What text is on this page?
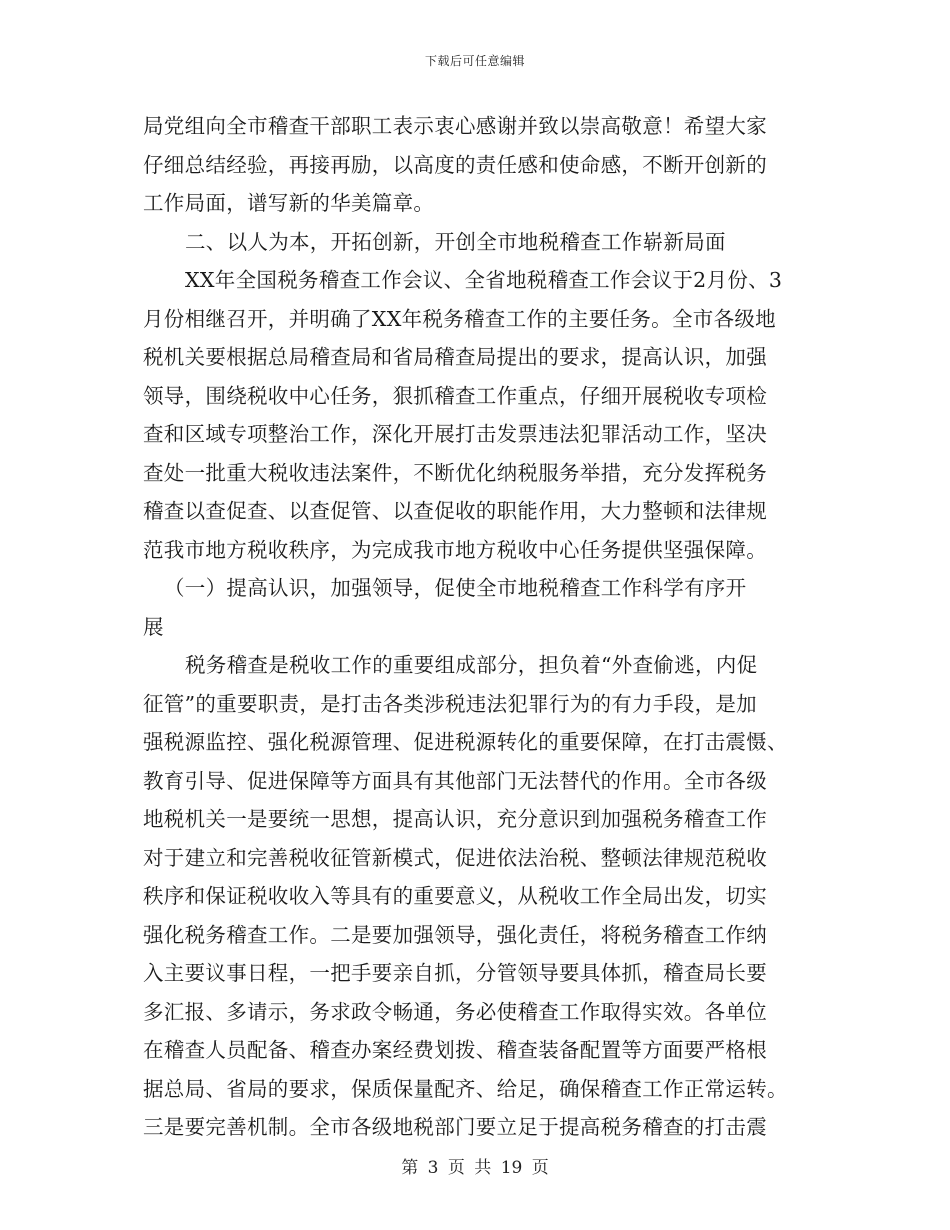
下载后可任意编辑
局党组向全市稽查干部职工表示衷心感谢并致以崇高敬意！希望大家
仔细总结经验，再接再励，以高度的责任感和使命感，不断开创新的
工作局面，谱写新的华美篇章。
二、以人为本，开拓创新，开创全市地税稽查工作崭新局面
XX年全国税务稽查工作会议、全省地税稽查工作会议于2月份、3
月份相继召开，并明确了XX年税务稽查工作的主要任务。全市各级地
税机关要根据总局稽查局和省局稽查局提出的要求，提高认识，加强
领导，围绕税收中心任务，狠抓稽查工作重点，仔细开展税收专项检
查和区域专项整治工作，深化开展打击发票违法犯罪活动工作，坚决
查处一批重大税收违法案件，不断优化纳税服务举措，充分发挥税务
稽查以查促查、以查促管、以查促收的职能作用，大力整顿和法律规
范我市地方税收秩序，为完成我市地方税收中心任务提供坚强保障。
（一）提高认识，加强领导，促使全市地税稽查工作科学有序开
展
税务稽查是税收工作的重要组成部分，担负着“外查偷逃，内促
征管”的重要职责，是打击各类涉税违法犯罪行为的有力手段，是加
强税源监控、强化税源管理、促进税源转化的重要保障，在打击震慑、
教育引导、促进保障等方面具有其他部门无法替代的作用。全市各级
地税机关一是要统一思想，提高认识，充分意识到加强税务稽查工作
对于建立和完善税收征管新模式，促进依法治税、整顿法律规范税收
秩序和保证税收收入等具有的重要意义，从税收工作全局出发，切实
强化税务稽查工作。二是要加强领导，强化责任，将税务稽查工作纳
入主要议事日程，一把手要亲自抓，分管领导要具体抓，稽查局长要
多汇报、多请示，务求政令畅通，务必使稽查工作取得实效。各单位
在稽查人员配备、稽查办案经费划拨、稽查装备配置等方面要严格根
据总局、省局的要求，保质保量配齐、给足，确保稽查工作正常运转。
三是要完善机制。全市各级地税部门要立足于提高税务稽查的打击震
第 3 页 共 19 页
